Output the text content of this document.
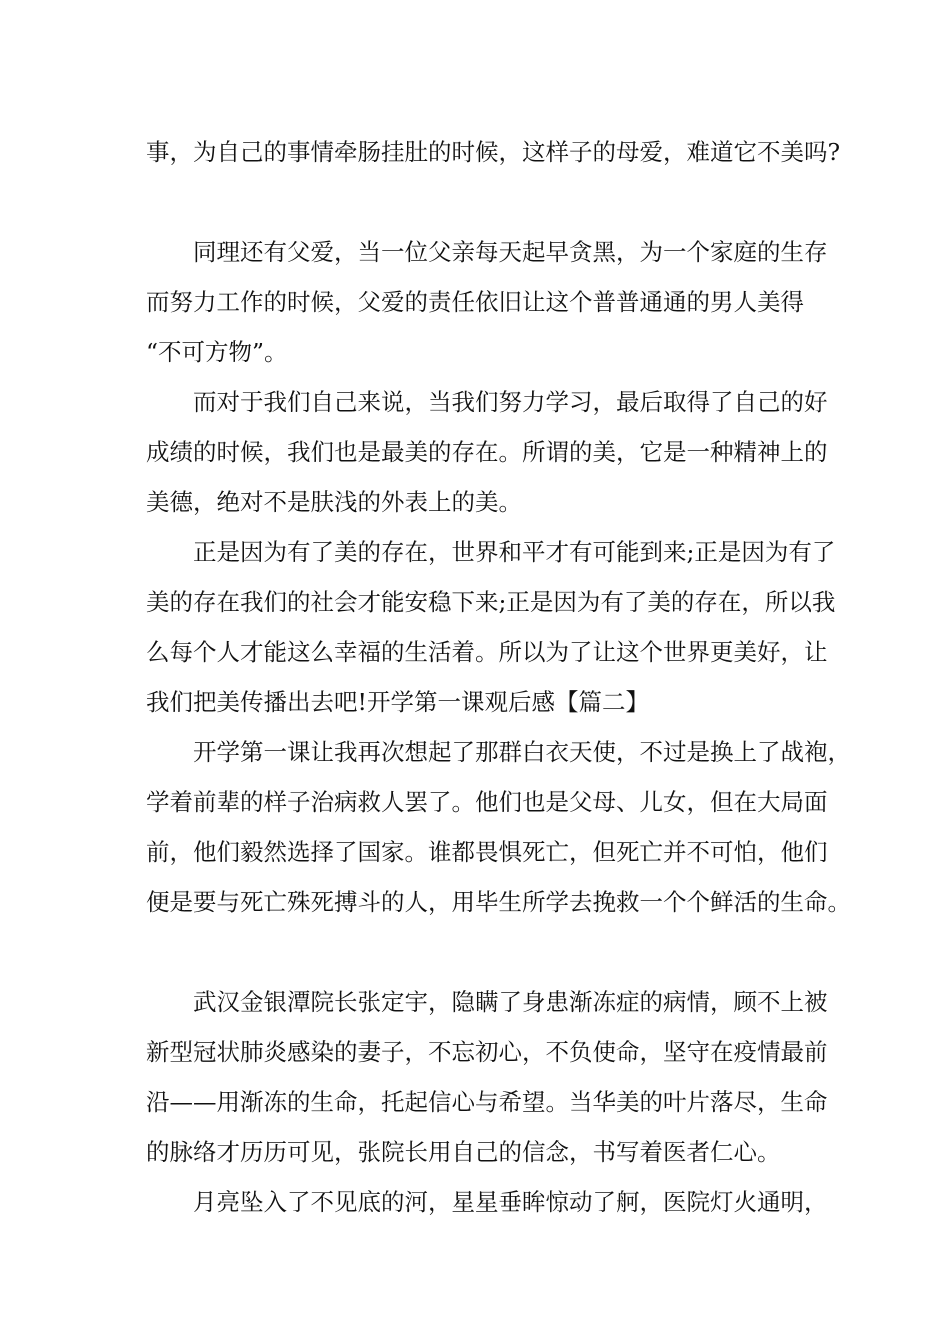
事，为自己的事情牵肠挂肚的时候，这样子的母爱，难道它不美吗?

　　同理还有父爱，当一位父亲每天起早贪黑，为一个家庭的生存

而努力工作的时候，父爱的责任依旧让这个普普通通的男人美得

“不可方物”。

　　而对于我们自己来说，当我们努力学习，最后取得了自己的好

成绩的时候，我们也是最美的存在。所谓的美，它是一种精神上的

美德，绝对不是肤浅的外表上的美。

　　正是因为有了美的存在，世界和平才有可能到来;正是因为有了

美的存在我们的社会才能安稳下来;正是因为有了美的存在，所以我

么每个人才能这么幸福的生活着。所以为了让这个世界更美好，让

我们把美传播出去吧!开学第一课观后感【篇二】

　　开学第一课让我再次想起了那群白衣天使，不过是换上了战袍，

学着前辈的样子治病救人罢了。他们也是父母、儿女，但在大局面

前，他们毅然选择了国家。谁都畏惧死亡，但死亡并不可怕，他们

便是要与死亡殊死搏斗的人，用毕生所学去挽救一个个鲜活的生命。

　　武汉金银潭院长张定宇，隐瞒了身患渐冻症的病情，顾不上被

新型冠状肺炎感染的妻子，不忘初心，不负使命，坚守在疫情最前

沿——用渐冻的生命，托起信心与希望。当华美的叶片落尽，生命

的脉络才历历可见，张院长用自己的信念，书写着医者仁心。

　　月亮坠入了不见底的河，星星垂眸惊动了舸，医院灯火通明，
